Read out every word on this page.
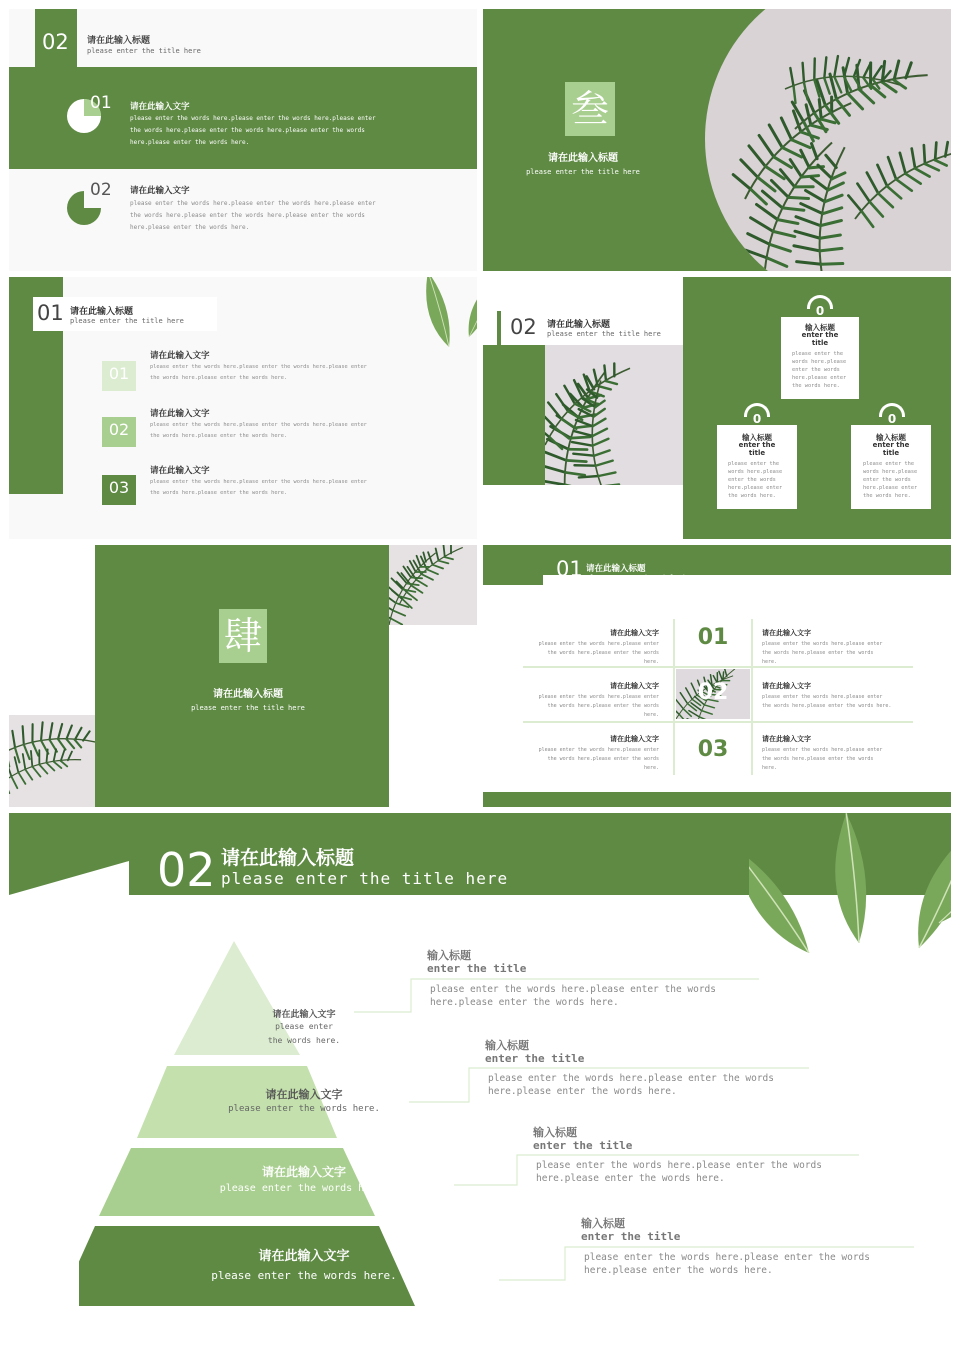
02 请在此输入标题
please enter the title here
01 请在此输入文字
please enter the words here.please enter the words here.please enter
the words here.please enter the words here.please enter the words
here.please enter the words here.
02 请在此输入文字
please enter the words here.please enter the words here.please enter
the words here.please enter the words here.please enter the words
here.please enter the words here.
叁
请在此输入标题
please enter the title here
01 请在此输入标题
please enter the title here
01
请在此输入文字
please enter the words here.please enter the words here.please enter
the words here.please enter the words here.
02
请在此输入文字
please enter the words here.please enter the words here.please enter
the words here.please enter the words here.
03
请在此输入文字
please enter the words here.please enter the words here.please enter
the words here.please enter the words here.
02 请在此输入标题
please enter the title here
0
输入标题
enter the
title
please enter the
words here.please
enter the words
here.please enter
the words here.
0
输入标题
enter the
title
please enter the
words here.please
enter the words
here.please enter
the words here.
0
输入标题
enter the
title
please enter the
words here.please
enter the words
here.please enter
the words here.
肆
请在此输入标题
please enter the title here
01 请在此输入标题
please enter the title here
01
02
03
请在此输入文字
please enter the words here.please enter
the words here.please enter the words
here.
请在此输入文字
please enter the words here.please enter
the words here.please enter the words
here.
请在此输入文字
please enter the words here.please enter
the words here.please enter the words
here.
请在此输入文字
please enter the words here.please enter
the words here.please enter the words here.
请在此输入文字
please enter the words here.please enter
the words here.please enter the words
here.
请在此输入文字
please enter the words here.please enter
the words here.please enter the words
here.
02 请在此输入标题
please enter the title here
请在此输入文字
please enter
the words here.
请在此输入文字
please enter the words here.
请在此输入文字
please enter the words here.
请在此输入文字
please enter the words here.
输入标题
enter the title
please enter the words here.please enter the words
here.please enter the words here.
输入标题
enter the title
please enter the words here.please enter the words
here.please enter the words here.
输入标题
enter the title
please enter the words here.please enter the words
here.please enter the words here.
输入标题
enter the title
please enter the words here.please enter the words
here.please enter the words here.
